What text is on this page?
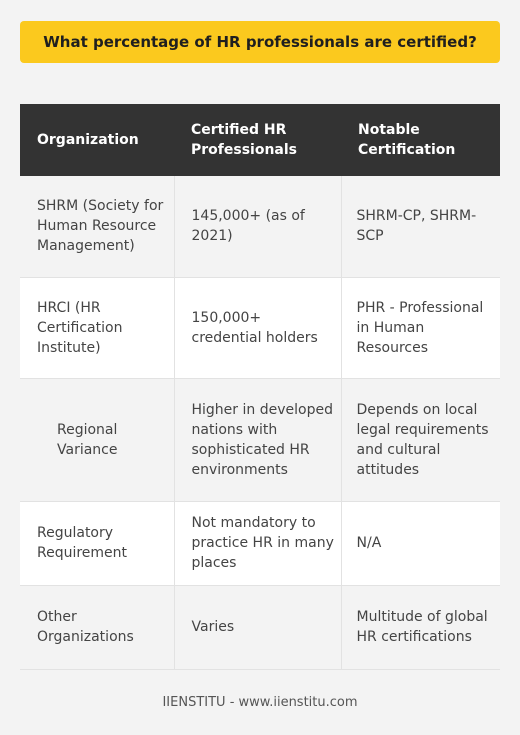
What percentage of HR professionals are certified?
Organization	Certified HR Professionals	Notable Certification
SHRM (Society for Human Resource Management)	145,000+ (as of 2021)	SHRM-CP, SHRM-SCP
HRCI (HR Certification Institute)	150,000+ credential holders	PHR - Professional in Human Resources
Regional Variance	Higher in developed nations with sophisticated HR environments	Depends on local legal requirements and cultural attitudes
Regulatory Requirement	Not mandatory to practice HR in many places	N/A
Other Organizations	Varies	Multitude of global HR certifications
IIENSTITU - www.iienstitu.com
